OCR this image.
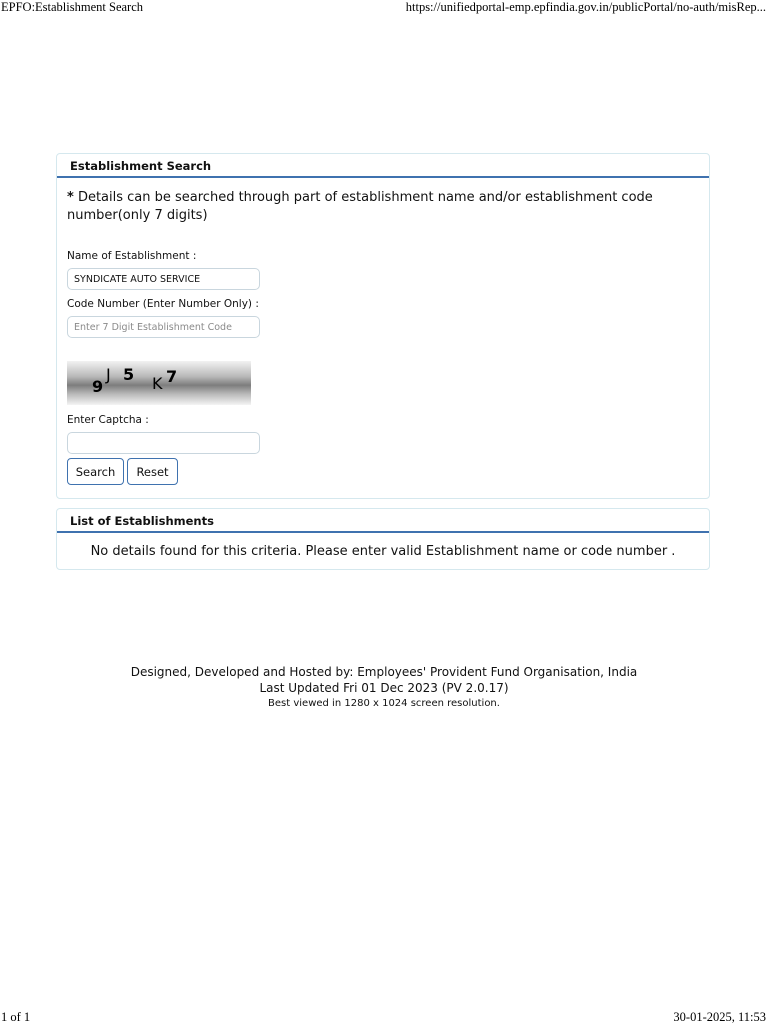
EPFO:Establishment Search	https://unifiedportal-emp.epfindia.gov.in/publicPortal/no-auth/misRep...
Establishment Search
* Details can be searched through part of establishment name and/or establishment code number(only 7 digits)
Name of Establishment :
SYNDICATE AUTO SERVICE
Code Number (Enter Number Only) :
Enter 7 Digit Establishment Code
9
J 5 K 7
Enter Captcha :
Search	Reset
List of Establishments
No details found for this criteria. Please enter valid Establishment name or code number .
Designed, Developed and Hosted by: Employees' Provident Fund Organisation, India
Last Updated Fri 01 Dec 2023 (PV 2.0.17)
Best viewed in 1280 x 1024 screen resolution.
1 of 1	30-01-2025, 11:53
